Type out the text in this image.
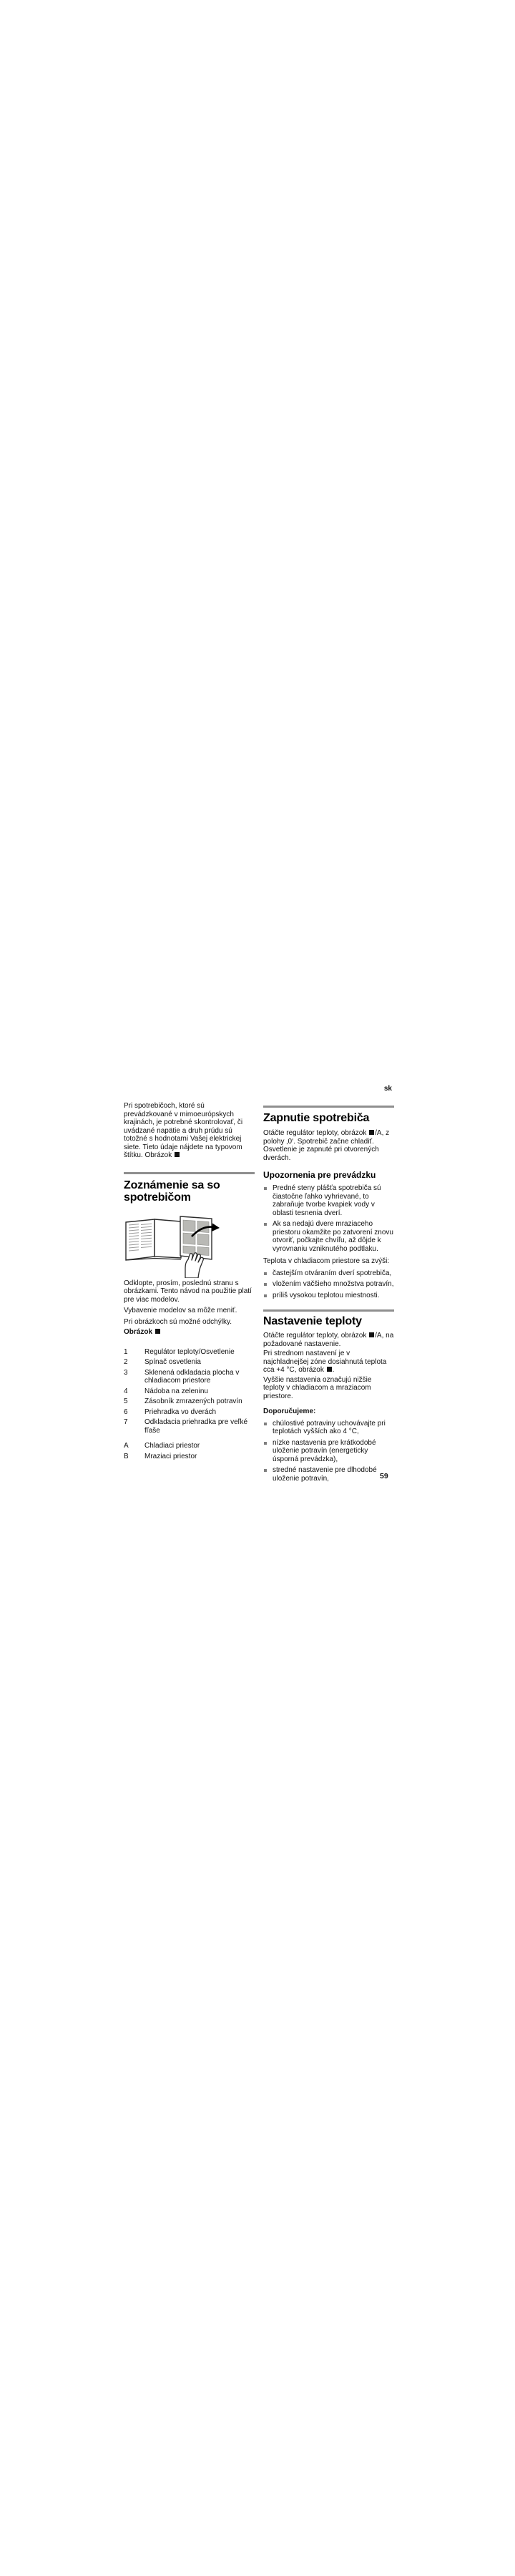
sk

Pri spotrebičoch, ktoré sú prevádzkované v mimoeurópskych krajinách, je potrebné skontrolovať, či uvádzané napätie a druh prúdu sú totožné s hodnotami Vašej elektrickej siete. Tieto údaje nájdete na typovom štítku. Obrázok

Zoznámenie sa so spotrebičom

Odklopte, prosím, poslednú stranu s obrázkami. Tento návod na použitie platí pre viac modelov.

Vybavenie modelov sa môže meniť.

Pri obrázkoch sú možné odchýlky.

Obrázok

1	Regulátor teploty/Osvetlenie
2	Spínač osvetlenia
3	Sklenená odkladacia plocha v chladiacom priestore
4	Nádoba na zeleninu
5	Zásobník zmrazených potravín
6	Priehradka vo dverách
7	Odkladacia priehradka pre veľké fľaše
A	Chladiaci priestor
B	Mraziaci priestor
Zapnutie spotrebiča

Otáčte regulátor teploty, obrázok /A, z polohy ‚0‘. Spotrebič začne chladiť. Osvetlenie je zapnuté pri otvorených dverách.

Upozornenia pre prevádzku
Predné steny plášťa spotrebiča sú čiastočne ľahko vyhrievané, to zabraňuje tvorbe kvapiek vody v oblasti tesnenia dverí.
Ak sa nedajú dvere mraziaceho priestoru okamžite po zatvorení znovu otvoriť, počkajte chvíľu, až dôjde k vyrovnaniu vzniknutého podtlaku.

Teplota v chladiacom priestore sa zvýši:

častejším otváraním dverí spotrebiča,
vložením väčšieho množstva potravín,
príliš vysokou teplotou miestnosti.
Nastavenie teploty

Otáčte regulátor teploty, obrázok /A, na požadované nastavenie.

Pri strednom nastavení je v najchladnejšej zóne dosiahnutá teplota cca +4 °C, obrázok .

Vyššie nastavenia označujú nižšie teploty v chladiacom a mraziacom priestore.

Doporučujeme:

chúlostivé potraviny uchovávajte pri teplotách vyšších ako 4 °C,
nízke nastavenia pre krátkodobé uloženie potravín (energeticky úsporná prevádzka),
stredné nastavenie pre dlhodobé uloženie potravín,	59
